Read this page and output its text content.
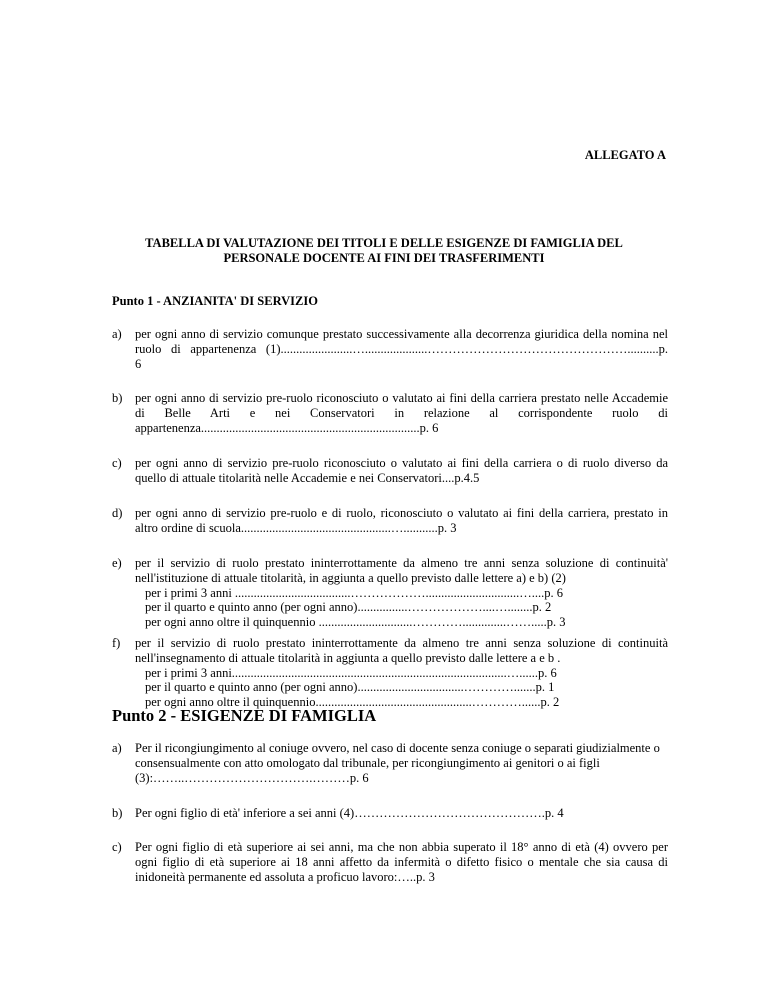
ALLEGATO A
TABELLA DI VALUTAZIONE DEI TITOLI E DELLE ESIGENZE DI FAMIGLIA DEL
PERSONALE DOCENTE AI FINI DEI TRASFERIMENTI
Punto 1 - ANZIANITA' DI SERVIZIO
a) per ogni anno di servizio comunque prestato successivamente alla decorrenza giuridica della nomina nel
ruolo di appartenenza (1).......................…....................…………………………………………..........p.
6
b) per ogni anno di servizio pre-ruolo riconosciuto o valutato ai fini della carriera prestato nelle Accademie
di Belle Arti e nei Conservatori in relazione al corrispondente ruolo di
appartenenza......................................................................p. 6
c) per ogni anno di servizio pre-ruolo riconosciuto o valutato ai fini della carriera o di ruolo diverso da
quello di attuale titolarità nelle Accademie e nei Conservatori....p.4.5
d) per ogni anno di servizio pre-ruolo e di ruolo, riconosciuto o valutato ai fini della carriera, prestato in
altro ordine di scuola................................................…...........p. 3
e) per il servizio di ruolo prestato ininterrottamente da almeno tre anni senza soluzione di continuità'
nell'istituzione di attuale titolarità, in aggiunta a quello previsto dalle lettere a) e b) (2)
per i primi 3 anni .....................................………………..............................…....p. 6
per il quarto e quinto anno (per ogni anno)................………………....…........p. 2
per ogni anno oltre il quinquennio ..............................…………..............…….....p. 3
f) per il servizio di ruolo prestato ininterrottamente da almeno tre anni senza soluzione di continuità
nell'insegnamento di attuale titolarità in aggiunta a quello previsto dalle lettere a e b .
per i primi 3 anni........................................................................................…......p. 6
per il quarto e quinto anno (per ogni anno)..................................………….......p. 1
per ogni anno oltre il quinquennio..................................................…………......p. 2
Punto 2 - ESIGENZE DI FAMIGLIA
a) Per il ricongiungimento al coniuge ovvero, nel caso di docente senza coniuge o separati giudizialmente o
consensualmente con atto omologato dal tribunale, per ricongiungimento ai genitori o ai figli
(3):……..………………………….………p. 6
b) Per ogni figlio di età' inferiore a sei anni (4)……………………………………….p. 4
c) Per ogni figlio di età superiore ai sei anni, ma che non abbia superato il 18° anno di età (4) ovvero per
ogni figlio di età superiore ai 18 anni affetto da infermità o difetto fisico o mentale che sia causa di
inidoneità permanente ed assoluta a proficuo lavoro:…..p. 3
